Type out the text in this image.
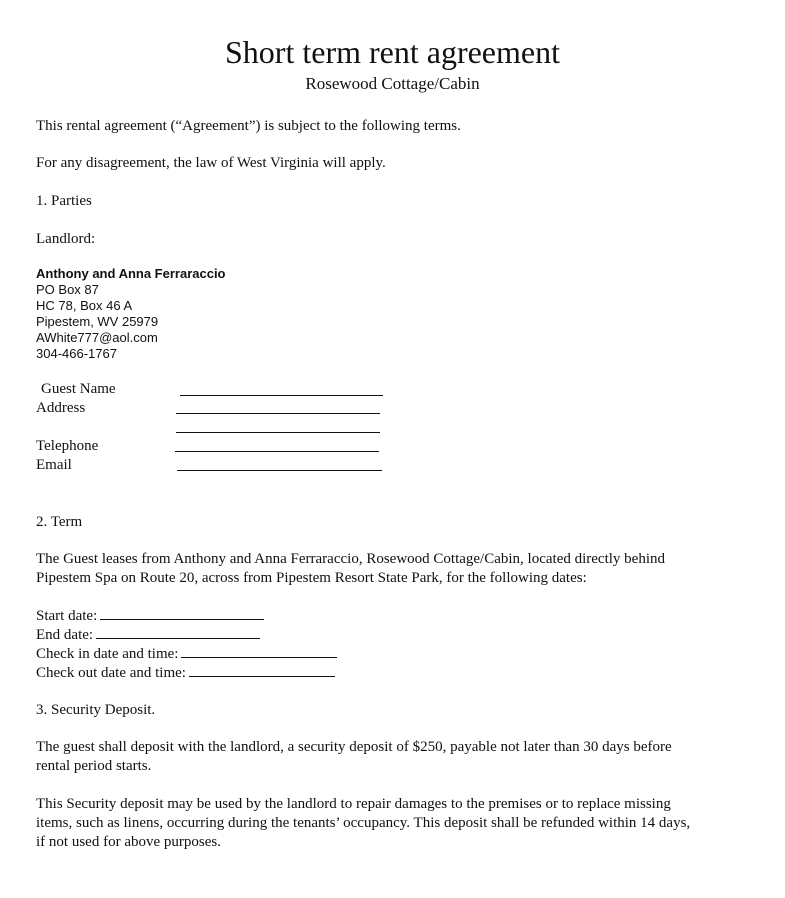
Short term rent agreement

Rosewood Cottage/Cabin

This rental agreement (“Agreement”) is subject to the following terms.

For any disagreement, the law of West Virginia will apply.

1. Parties

Landlord:

Anthony and Anna Ferraraccio

PO Box 87

HC 78, Box 46 A

Pipestem, WV 25979

AWhite777@aol.com

304-466-1767

Guest Name

Address

Telephone

Email

2. Term

The Guest leases from Anthony and Anna Ferraraccio, Rosewood Cottage/Cabin, located directly behind

Pipestem Spa on Route 20, across from Pipestem Resort State Park, for the following dates:

Start date:

End date:

Check in date and time:

Check out date and time:

3. Security Deposit.

The guest shall deposit with the landlord, a security deposit of $250, payable not later than 30 days before

rental period starts.

This Security deposit may be used by the landlord to repair damages to the premises or to replace missing

items, such as linens, occurring during the tenants’ occupancy. This deposit shall be refunded within 14 days,

if not used for above purposes.
